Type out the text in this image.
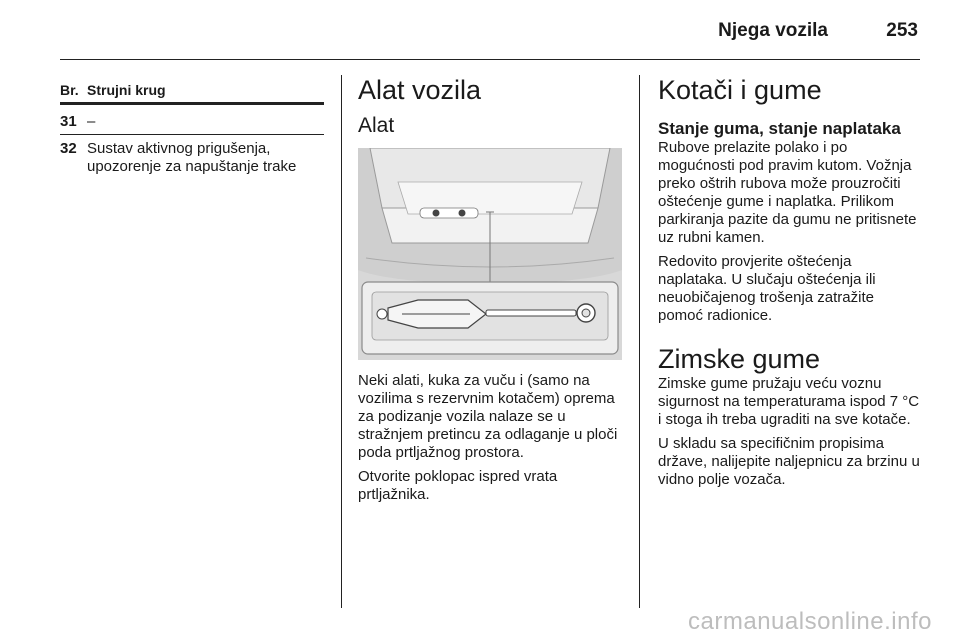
Njega vozila	253
Br. Strujni krug
31 –
32 Sustav aktivnog prigušenja, upozorenje za napuštanje trake
Alat vozila
Alat

Neki alati, kuka za vuču i (samo na vozilima s rezervnim kotačem) oprema za podizanje vozila nalaze se u stražnjem pretincu za odlaganje u ploči poda prtljažnog prostora.

Otvorite poklopac ispred vrata prtljažnika.

Kotači i gume
Stanje guma, stanje naplataka

Rubove prelazite polako i po mogućnosti pod pravim kutom. Vožnja preko oštrih rubova može prouzročiti oštećenje gume i naplatka. Prilikom parkiranja pazite da gumu ne pritisnete uz rubni kamen.

Redovito provjerite oštećenja naplataka. U slučaju oštećenja ili neuobičajenog trošenja zatražite pomoć radionice.

Zimske gume

Zimske gume pružaju veću voznu sigurnost na temperaturama ispod 7 °C i stoga ih treba ugraditi na sve kotače.

U skladu sa specifičnim propisima države, nalijepite naljepnicu za brzinu u vidno polje vozača.

carmanualsonline.info
